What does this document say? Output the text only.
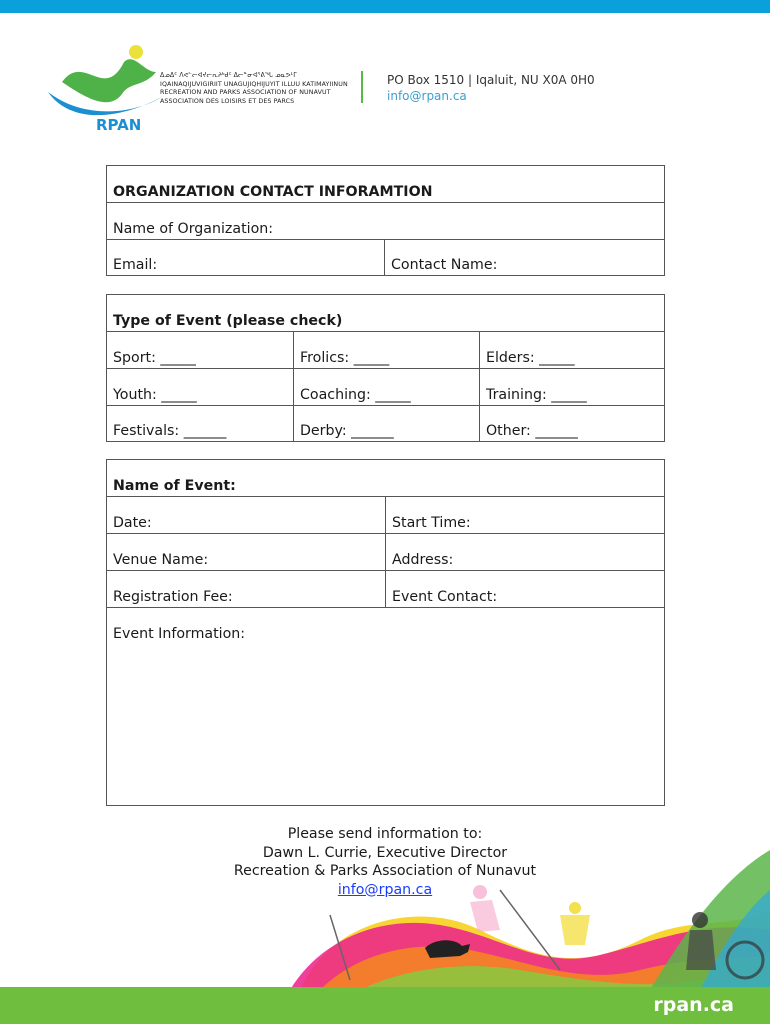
RPAN
ᐃᓄᐃᑦ ᐱᕙᓪᓕᐊᔪᓕᕆᔨᒃᑯᑦ ᐃᓕᓐᓂᐊᕐᕕᖓ ᓄᓇᕗᒻᒥ
IQAINAQIJUVIGIRIIT UNAGUJIQHIJUYIT ILLUU KATIMAYIINUN
RECREATION AND PARKS ASSOCIATION OF NUNAVUT
ASSOCIATION DES LOISIRS ET DES PARCS
PO Box 1510 | Iqaluit, NU X0A 0H0
info@rpan.ca
ORGANIZATION CONTACT INFORAMTION
Name of Organization:
Email:	Contact Name:
Type of Event (please check)		
Sport: _____	Frolics: _____	Elders: _____
Youth: _____	Coaching: _____	Training: _____
Festivals: ______	Derby: ______	Other: ______
Name of Event:	
Date:	Start Time:
Venue Name:	Address:
Registration Fee:	Event Contact:
Event Information:	
Please send information to:
Dawn L. Currie, Executive Director
Recreation & Parks Association of Nunavut
info@rpan.ca
rpan.ca
